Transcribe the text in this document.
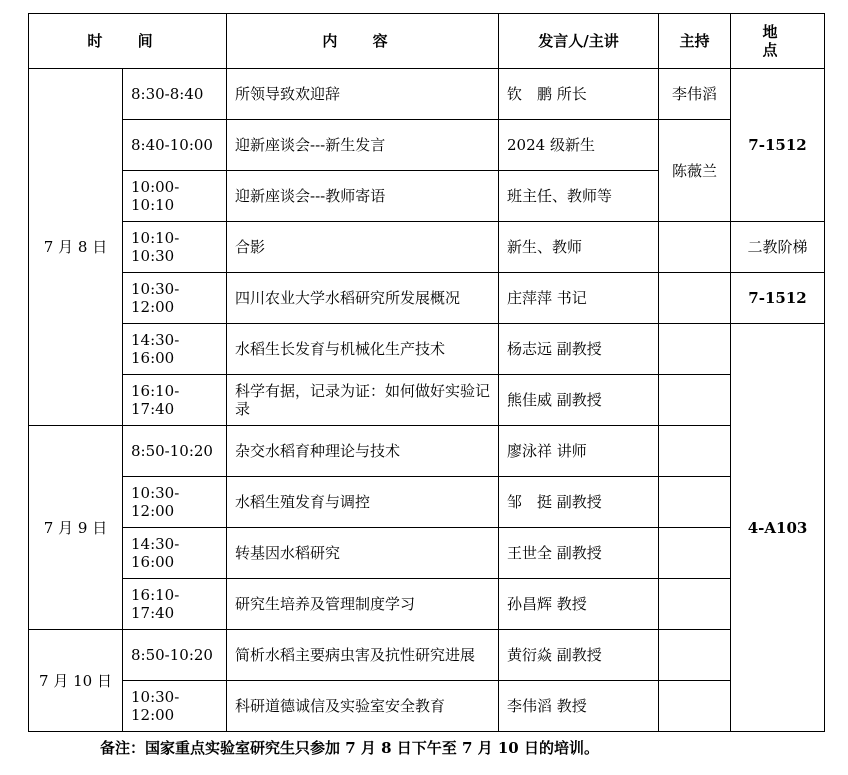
时 间		内 容	发言人/主讲	主持	地 点
7 月 8 日	8:30-8:40	所领导致欢迎辞	钦　鹏 所长	李伟滔	7-1512
	8:40-10:00	迎新座谈会---新生发言	2024 级新生	陈薇兰	
	10:00-10:10	迎新座谈会---教师寄语	班主任、教师等		
	10:10-10:30	合影	新生、教师		二教阶梯
	10:30-12:00	四川农业大学水稻研究所发展概况	庄萍萍 书记		7-1512
	14:30-16:00	水稻生长发育与机械化生产技术	杨志远 副教授		4-A103
	16:10-17:40	科学有据，记录为证：如何做好实验记录	熊佳威 副教授		
7 月 9 日	8:50-10:20	杂交水稻育种理论与技术	廖泳祥 讲师		
	10:30-12:00	水稻生殖发育与调控	邹　挺 副教授		
	14:30-16:00	转基因水稻研究	王世全 副教授		
	16:10-17:40	研究生培养及管理制度学习	孙昌辉 教授		
7 月 10 日	8:50-10:20	简析水稻主要病虫害及抗性研究进展	黄衍焱 副教授		
	10:30-12:00	科研道德诚信及实验室安全教育	李伟滔 教授		
备注：国家重点实验室研究生只参加 7 月 8 日下午至 7 月 10 日的培训。
